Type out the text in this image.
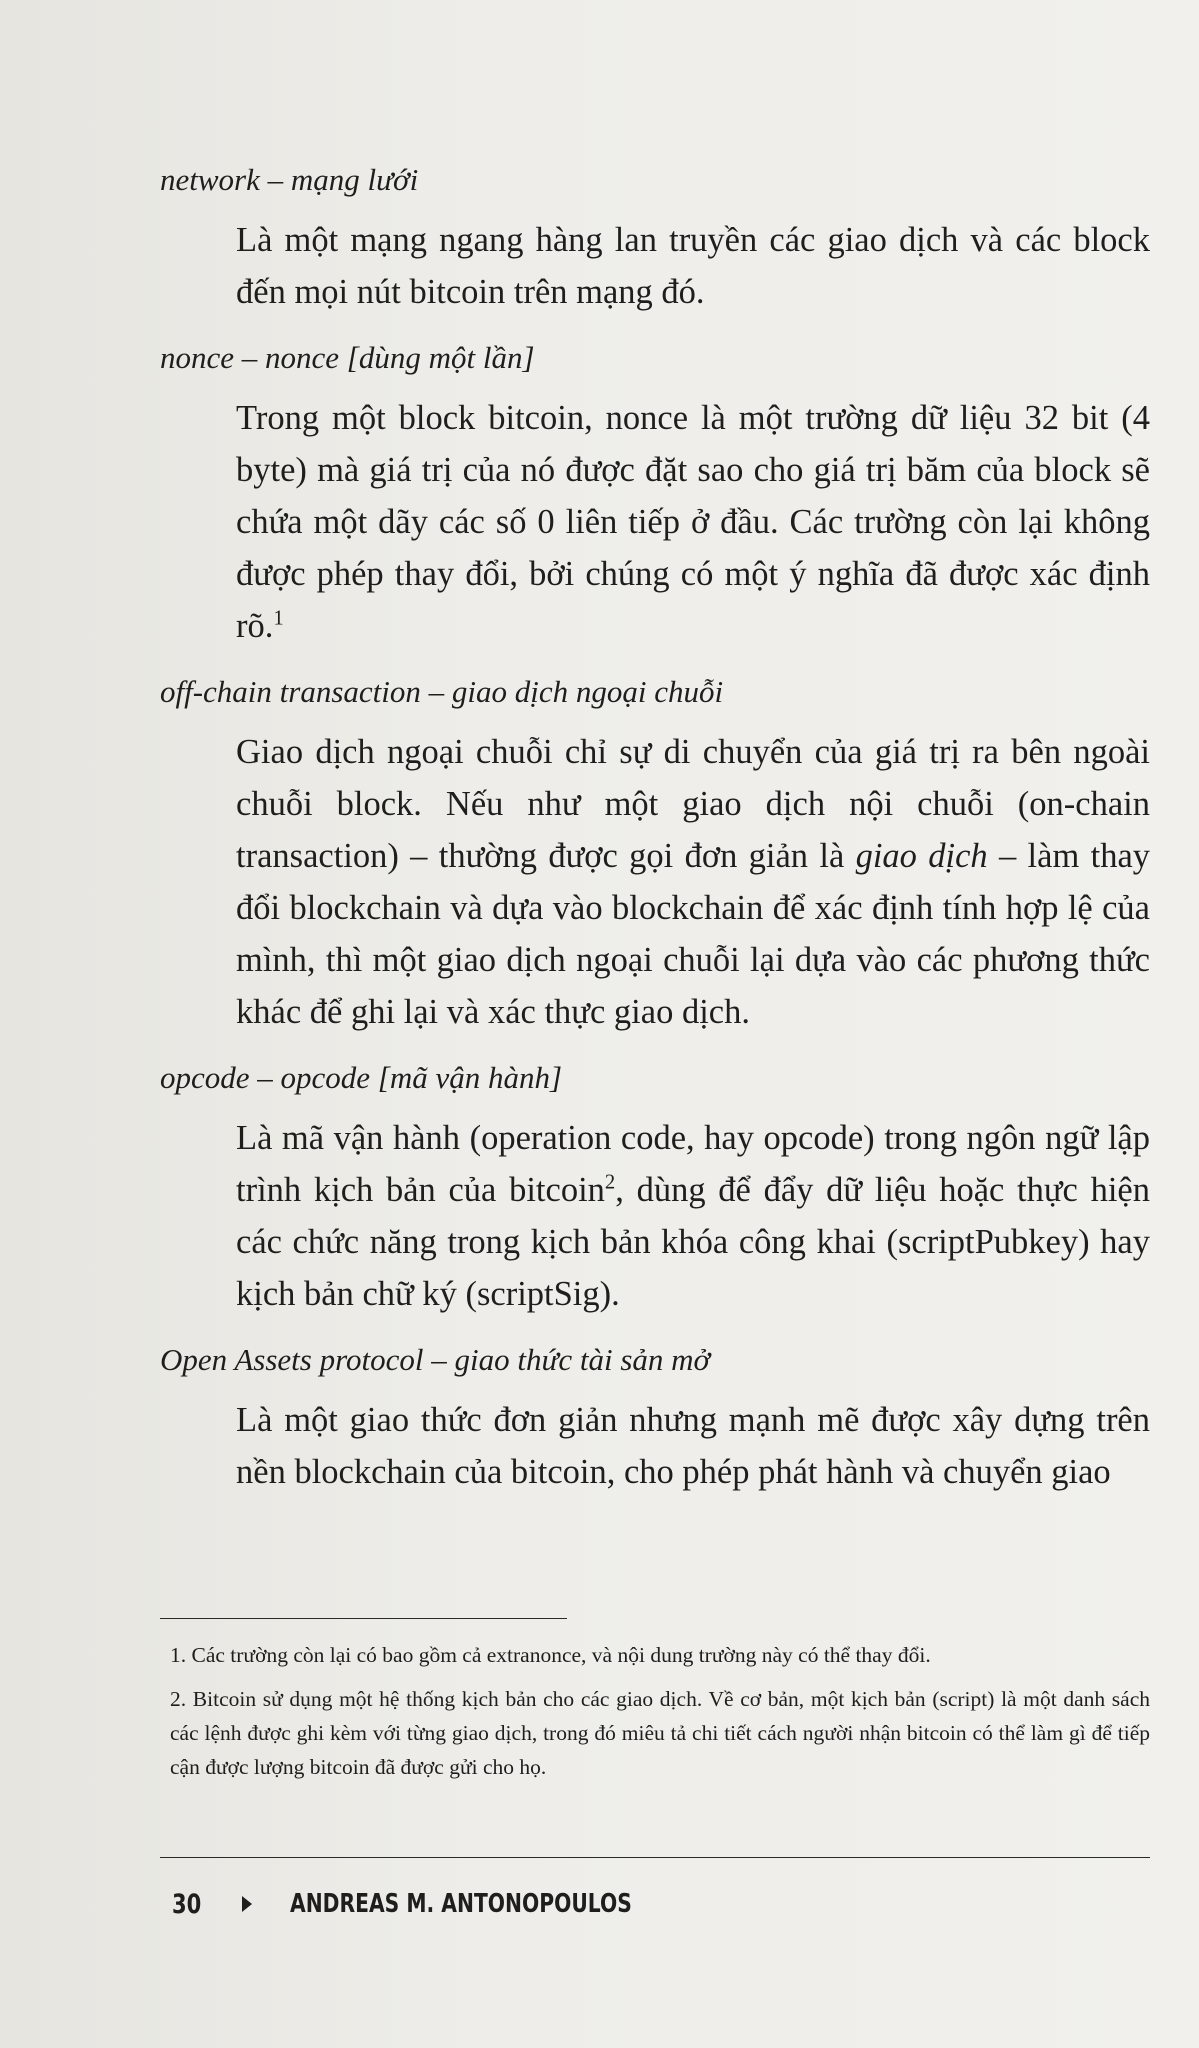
network – mạng lưới
Là một mạng ngang hàng lan truyền các giao dịch và các block đến mọi nút bitcoin trên mạng đó.
nonce – nonce [dùng một lần]
Trong một block bitcoin, nonce là một trường dữ liệu 32 bit (4 byte) mà giá trị của nó được đặt sao cho giá trị băm của block sẽ chứa một dãy các số 0 liên tiếp ở đầu. Các trường còn lại không được phép thay đổi, bởi chúng có một ý nghĩa đã được xác định rõ.$^1$
off-chain transaction – giao dịch ngoại chuỗi
Giao dịch ngoại chuỗi chỉ sự di chuyển của giá trị ra bên ngoài chuỗi block. Nếu như một giao dịch nội chuỗi (on-chain transaction) – thường được gọi đơn giản là giao dịch – làm thay đổi blockchain và dựa vào blockchain để xác định tính hợp lệ của mình, thì một giao dịch ngoại chuỗi lại dựa vào các phương thức khác để ghi lại và xác thực giao dịch.
opcode – opcode [mã vận hành]
Là mã vận hành (operation code, hay opcode) trong ngôn ngữ lập trình kịch bản của bitcoin$^2$, dùng để đẩy dữ liệu hoặc thực hiện các chức năng trong kịch bản khóa công khai (scriptPubkey) hay kịch bản chữ ký (scriptSig).
Open Assets protocol – giao thức tài sản mở
Là một giao thức đơn giản nhưng mạnh mẽ được xây dựng trên nền blockchain của bitcoin, cho phép phát hành và chuyển giao
1. Các trường còn lại có bao gồm cả extranonce, và nội dung trường này có thể thay đổi.
2. Bitcoin sử dụng một hệ thống kịch bản cho các giao dịch. Về cơ bản, một kịch bản (script) là một danh sách các lệnh được ghi kèm với từng giao dịch, trong đó miêu tả chi tiết cách người nhận bitcoin có thể làm gì để tiếp cận được lượng bitcoin đã được gửi cho họ.
30	ANDREAS M. ANTONOPOULOS
